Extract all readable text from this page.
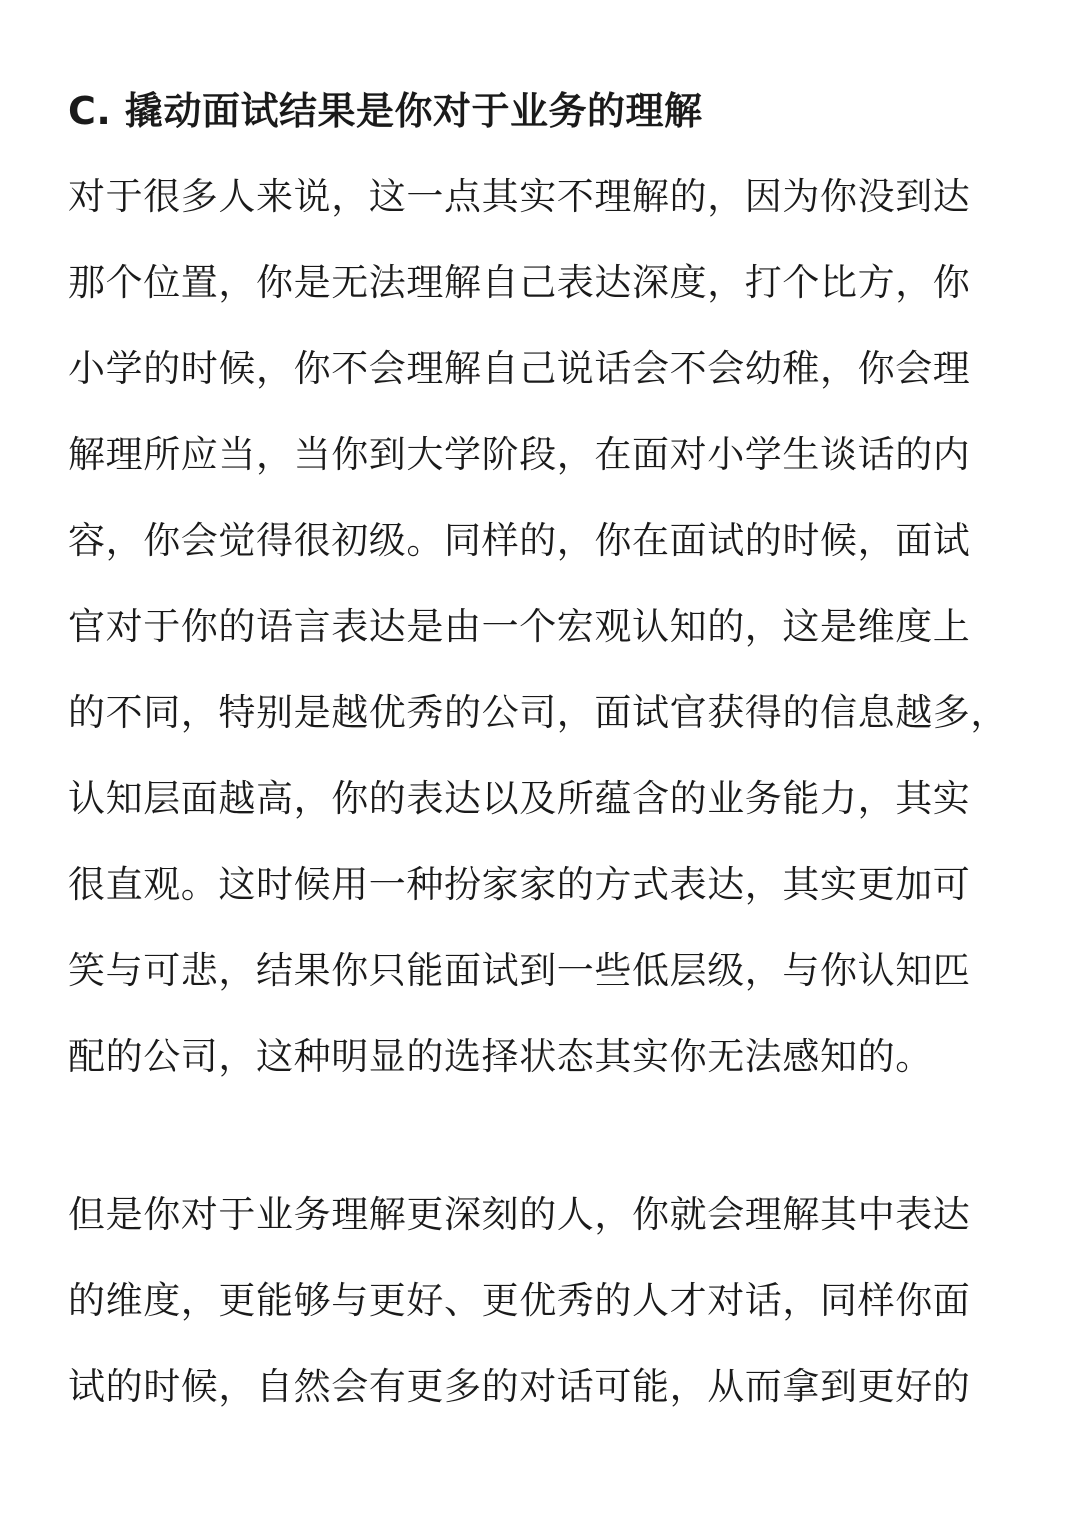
C. 撬动面试结果是你对于业务的理解
对于很多人来说，这一点其实不理解的，因为你没到达
那个位置，你是无法理解自己表达深度，打个比方，你
小学的时候，你不会理解自己说话会不会幼稚，你会理
解理所应当，当你到大学阶段，在面对小学生谈话的内
容，你会觉得很初级。同样的，你在面试的时候，面试
官对于你的语言表达是由一个宏观认知的，这是维度上
的不同，特别是越优秀的公司，面试官获得的信息越多，
认知层面越高，你的表达以及所蕴含的业务能力，其实
很直观。这时候用一种扮家家的方式表达，其实更加可
笑与可悲，结果你只能面试到一些低层级，与你认知匹
配的公司，这种明显的选择状态其实你无法感知的。
但是你对于业务理解更深刻的人，你就会理解其中表达
的维度，更能够与更好、更优秀的人才对话，同样你面
试的时候，自然会有更多的对话可能，从而拿到更好的
